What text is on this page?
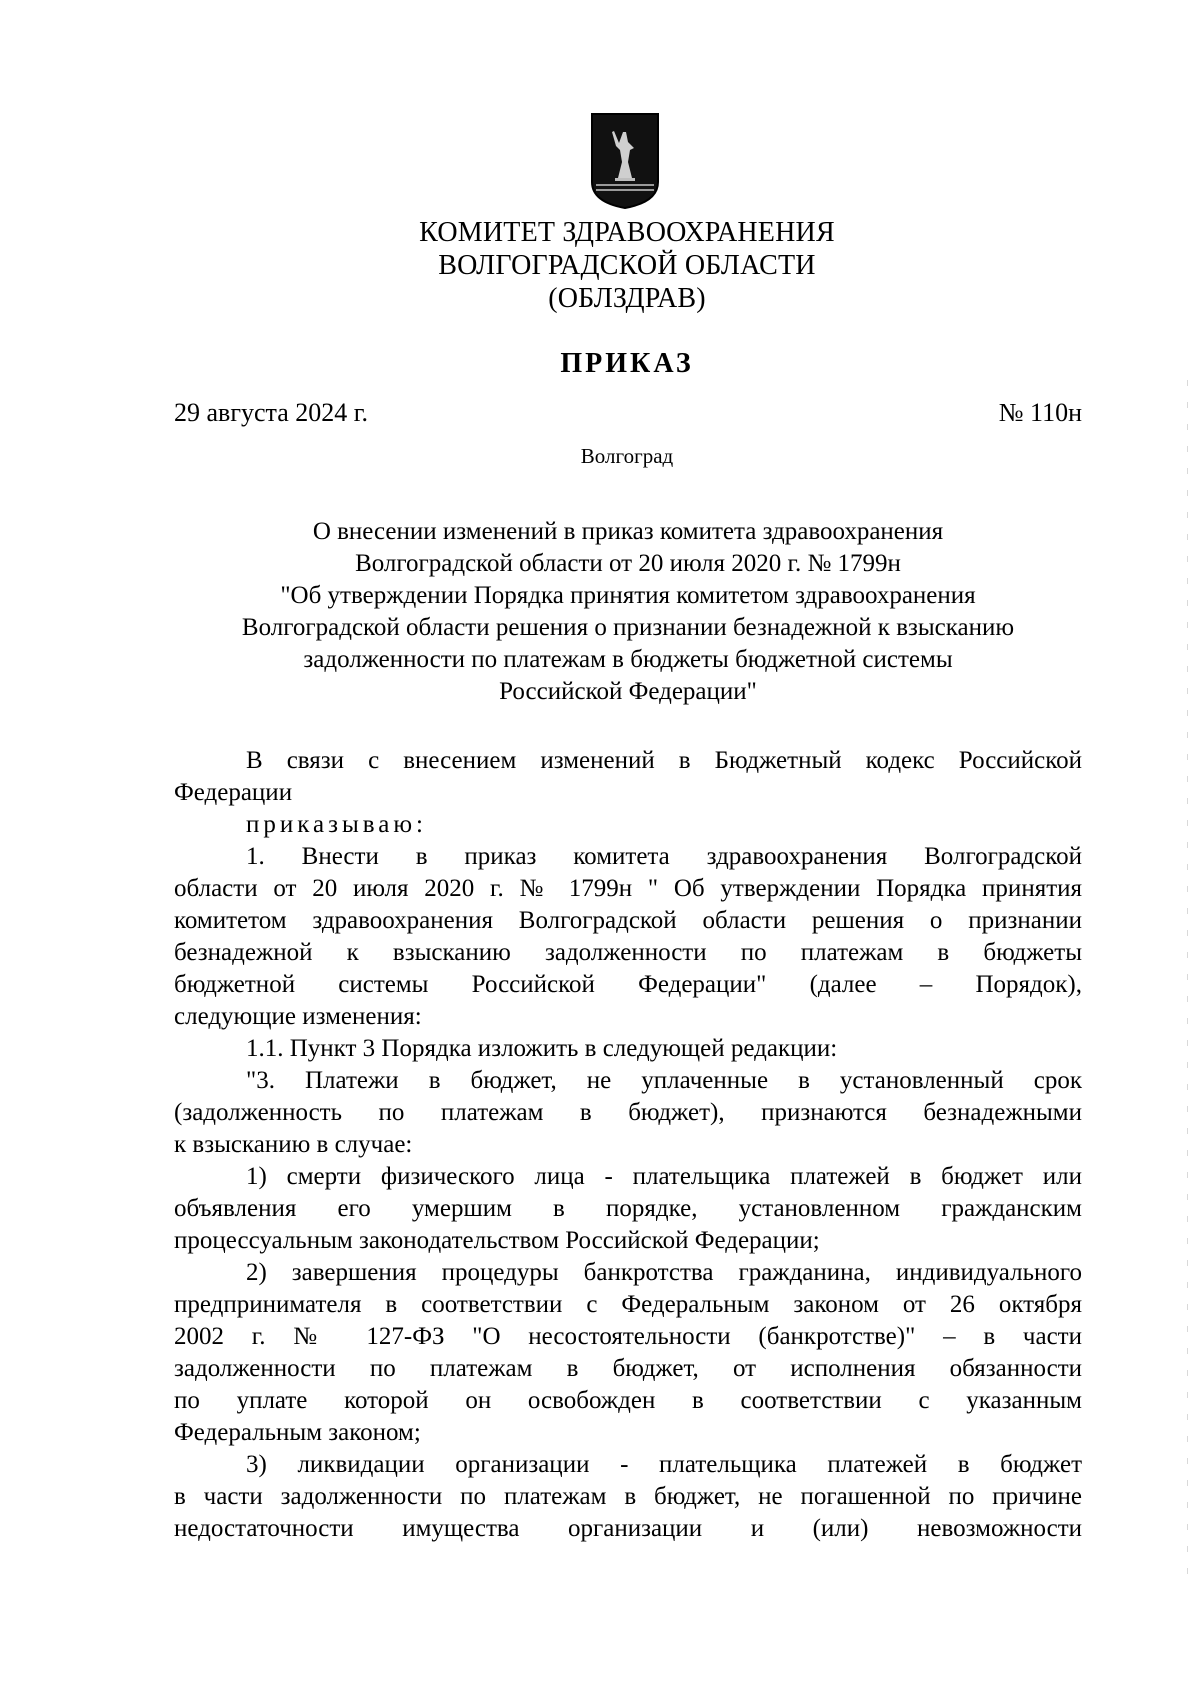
КОМИТЕТ ЗДРАВООХРАНЕНИЯ
ВОЛГОГРАДСКОЙ ОБЛАСТИ
(ОБЛЗДРАВ)
ПРИКАЗ
29 августа 2024 г.	№ 110н
Волгоград
О внесении изменений в приказ комитета здравоохранения
Волгоградской области от 20 июля 2020 г. № 1799н
"Об утверждении Порядка принятия комитетом здравоохранения
Волгоградской области решения о признании безнадежной к взысканию
задолженности по платежам в бюджеты бюджетной системы
Российской Федерации"
В связи с внесением изменений в Бюджетный кодекс Российской
Федерации
приказываю:
1. Внести в приказ комитета здравоохранения Волгоградской
области от 20 июля 2020 г. № 1799н " Об утверждении Порядка принятия
комитетом здравоохранения Волгоградской области решения о признании
безнадежной к взысканию задолженности по платежам в бюджеты
бюджетной системы Российской Федерации" (далее – Порядок),
следующие изменения:
1.1. Пункт 3 Порядка изложить в следующей редакции:
"3. Платежи в бюджет, не уплаченные в установленный срок
(задолженность по платежам в бюджет), признаются безнадежными
к взысканию в случае:
1) смерти физического лица - плательщика платежей в бюджет или
объявления его умершим в порядке, установленном гражданским
процессуальным законодательством Российской Федерации;
2) завершения процедуры банкротства гражданина, индивидуального
предпринимателя в соответствии с Федеральным законом от 26 октября
2002 г. № 127-ФЗ "О несостоятельности (банкротстве)" – в части
задолженности по платежам в бюджет, от исполнения обязанности
по уплате которой он освобожден в соответствии с указанным
Федеральным законом;
3) ликвидации организации - плательщика платежей в бюджет
в части задолженности по платежам в бюджет, не погашенной по причине
недостаточности имущества организации и (или) невозможности
